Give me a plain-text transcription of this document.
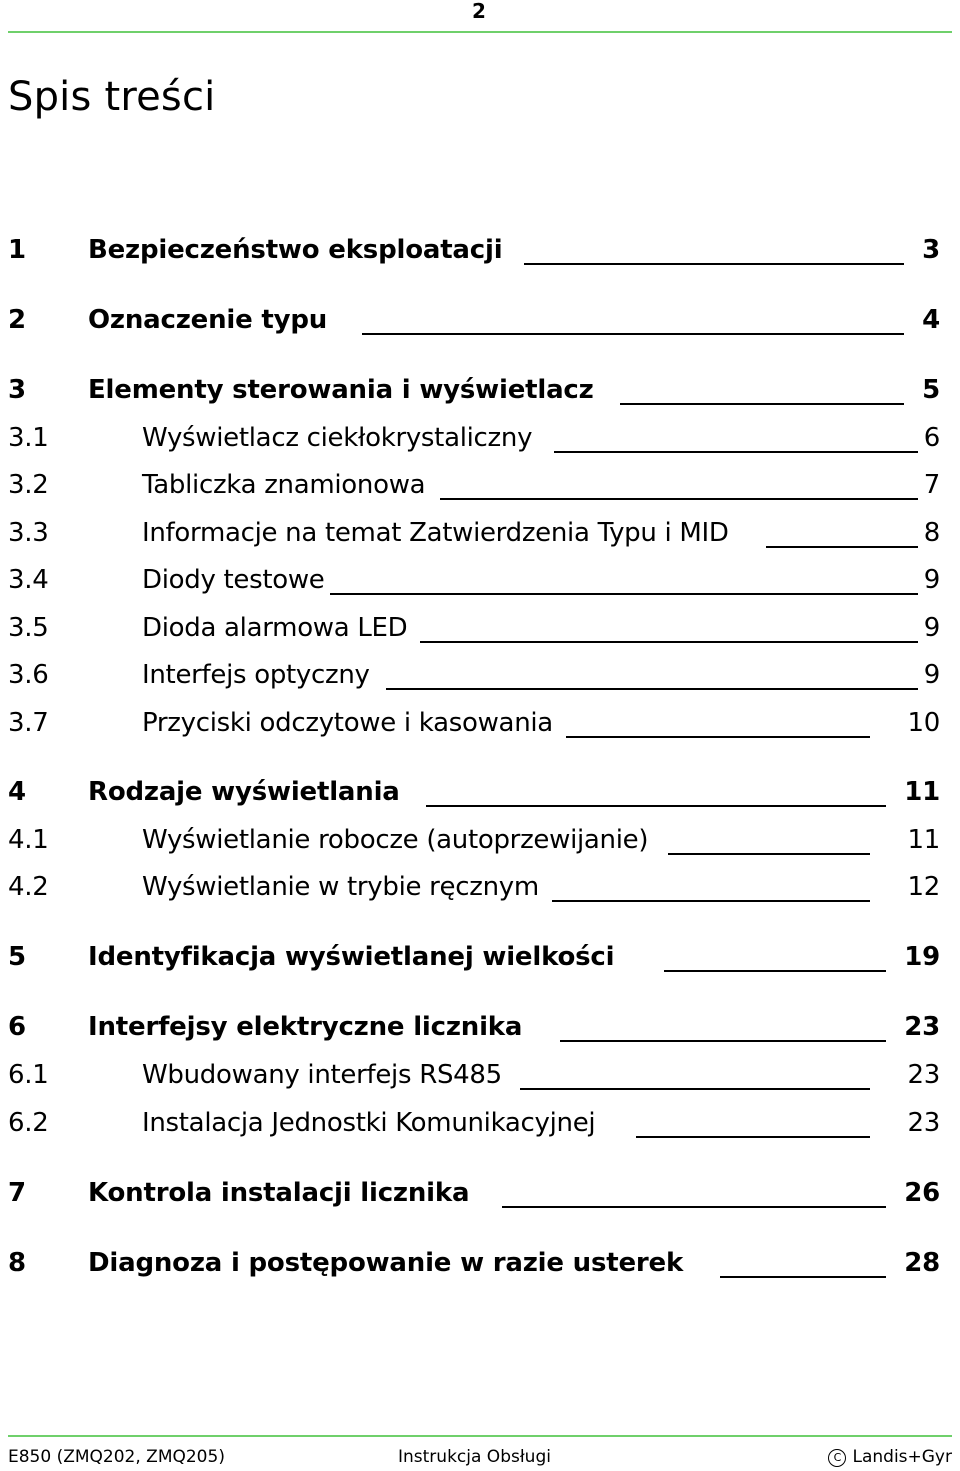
2
Spis treści
1 Bezpieczeństwo eksploatacji	3
2 Oznaczenie typu	4
3 Elementy sterowania i wyświetlacz	5
3.1	Wyświetlacz ciekłokrystaliczny	6
3.2	Tabliczka znamionowa	7
3.3	Informacje na temat Zatwierdzenia Typu i MID	8
3.4	Diody testowe	9
3.5	Dioda alarmowa LED	9
3.6	Interfejs optyczny	9
3.7	Przyciski odczytowe i kasowania	10
4 Rodzaje wyświetlania	11
4.1	Wyświetlanie robocze (autoprzewijanie)	11
4.2	Wyświetlanie w trybie ręcznym	12
5 Identyfikacja wyświetlanej wielkości	19
6 Interfejsy elektryczne licznika	23
6.1	Wbudowany interfejs RS485	23
6.2	Instalacja Jednostki Komunikacyjnej	23
7 Kontrola instalacji licznika	26
8 Diagnoza i postępowanie w razie usterek	28
E850 (ZMQ202, ZMQ205)	Instrukcja Obsługi	C Landis+Gyr
